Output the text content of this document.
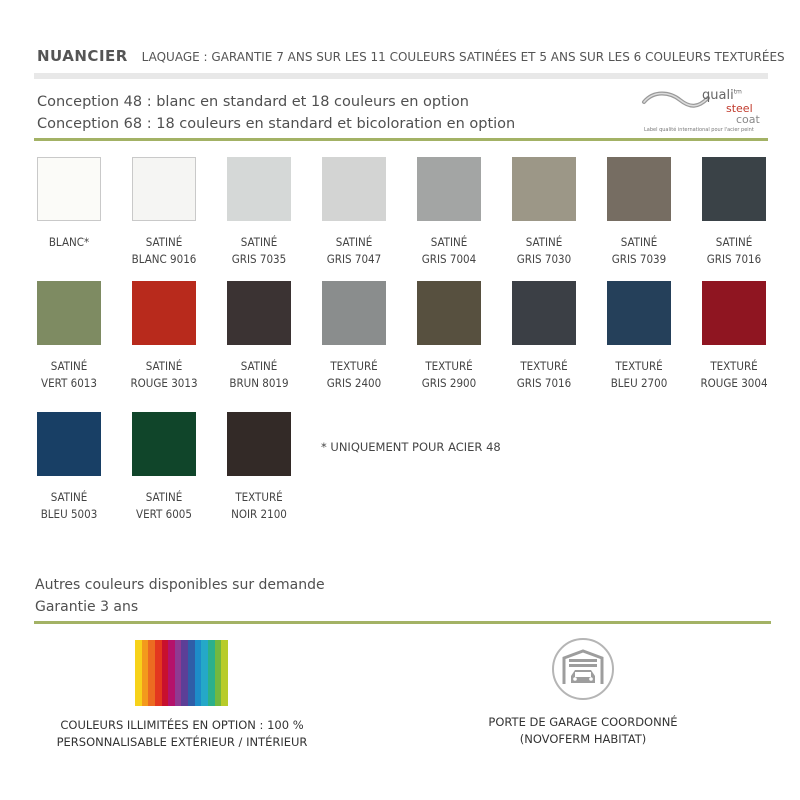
NUANCIER LAQUAGE : GARANTIE 7 ANS SUR LES 11 COULEURS SATINÉES ET 5 ANS SUR LES 6 COULEURS TEXTURÉES
Conception 48 : blanc en standard et 18 couleurs en option
Conception 68 : 18 couleurs en standard et bicoloration en option
quali$^{tm}$
steel
coat
Label qualité international pour l'acier peint
BLANC*	SATINÉ
BLANC 9016
SATINÉ
GRIS 7035
SATINÉ
GRIS 7047
SATINÉ
GRIS 7004
SATINÉ
GRIS 7030
SATINÉ
GRIS 7039
SATINÉ
GRIS 7016
SATINÉ
VERT 6013
SATINÉ
ROUGE 3013
SATINÉ
BRUN 8019
TEXTURÉ
GRIS 2400
TEXTURÉ
GRIS 2900
TEXTURÉ
GRIS 7016
TEXTURÉ
BLEU 2700
TEXTURÉ
ROUGE 3004
SATINÉ
BLEU 5003
SATINÉ
VERT 6005
TEXTURÉ
NOIR 2100
* UNIQUEMENT POUR ACIER 48
Autres couleurs disponibles sur demande
Garantie 3 ans
COULEURS ILLIMITÉES EN OPTION : 100 %
PERSONNALISABLE EXTÉRIEUR / INTÉRIEUR
PORTE DE GARAGE COORDONNÉ
(NOVOFERM HABITAT)
